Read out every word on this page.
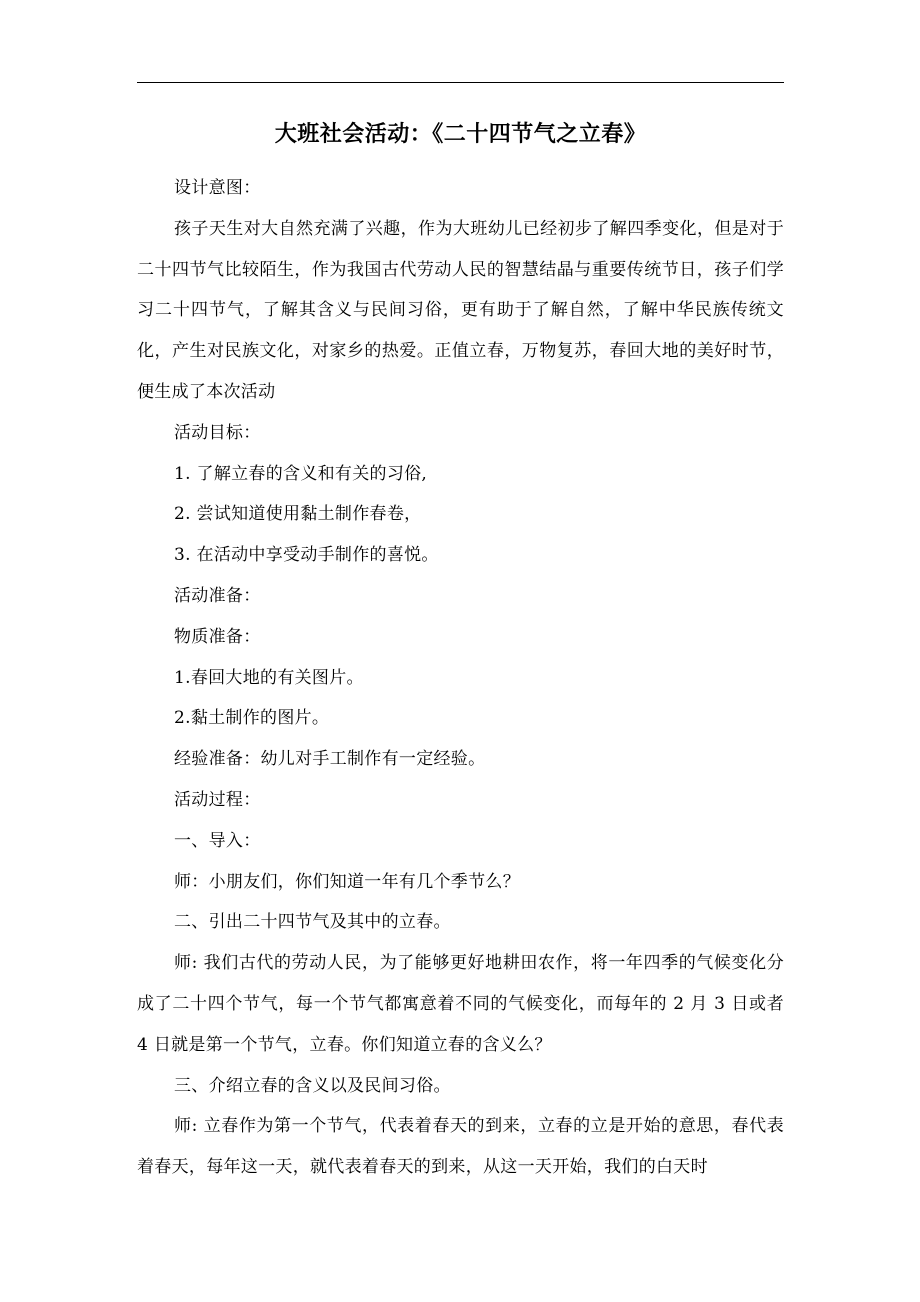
大班社会活动：《二十四节气之立春》

设计意图：

孩子天生对大自然充满了兴趣，作为大班幼儿已经初步了解四季变化，但是对于二十四节气比较陌生，作为我国古代劳动人民的智慧结晶与重要传统节日，孩子们学习二十四节气，了解其含义与民间习俗，更有助于了解自然，了解中华民族传统文化，产生对民族文化，对家乡的热爱。正值立春，万物复苏，春回大地的美好时节，便生成了本次活动

活动目标：

1. 了解立春的含义和有关的习俗,

2. 尝试知道使用黏土制作春卷，

3. 在活动中享受动手制作的喜悦。

活动准备：

物质准备：

1.春回大地的有关图片。

2.黏土制作的图片。

经验准备：幼儿对手工制作有一定经验。

活动过程：

一、导入：

师：小朋友们，你们知道一年有几个季节么？

二、引出二十四节气及其中的立春。

师: 我们古代的劳动人民，为了能够更好地耕田农作，将一年四季的气候变化分成了二十四个节气，每一个节气都寓意着不同的气候变化，而每年的 2 月 3 日或者 4 日就是第一个节气，立春。你们知道立春的含义么？

三、介绍立春的含义以及民间习俗。

师: 立春作为第一个节气，代表着春天的到来，立春的立是开始的意思，春代表着春天，每年这一天，就代表着春天的到来，从这一天开始，我们的白天时
